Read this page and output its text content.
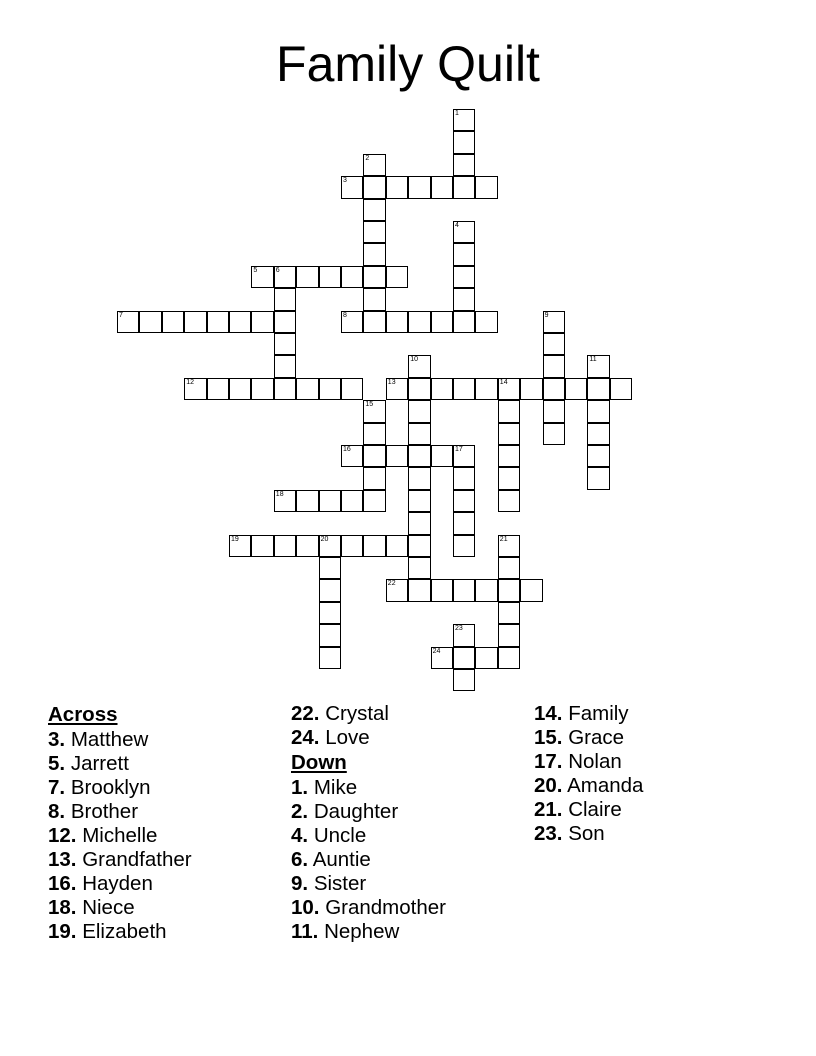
Family Quilt
1
2
3
4
5	6
7	8	9
10	11
12	13	14
15
16	17
18
19	20	21
22
23
24
Across
3. Matthew
5. Jarrett
7. Brooklyn
8. Brother
12. Michelle
13. Grandfather
16. Hayden
18. Niece
19. Elizabeth
22. Crystal
24. Love
Down
1. Mike
2. Daughter
4. Uncle
6. Auntie
9. Sister
10. Grandmother
11. Nephew
14. Family
15. Grace
17. Nolan
20. Amanda
21. Claire
23. Son
